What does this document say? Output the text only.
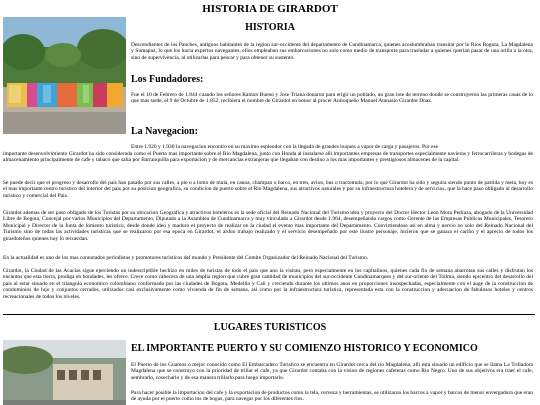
HISTORIA DE GIRARDOT
HISTORIA

Descendientes de los Panches, antiguos habitantes de la region sur-occidente del departamento de Cundinamarca, quienes acostumbraban transitar por lo Rios Bogota, La Magdalena y Sumapaz, lo que los hacia expertos navegantes, ellos empleaban sus embarcaciones no solo como medio de transporte para trasladar a quienes querian pasar de una orilla a la otra, sino de supervivencia, al utilizarlas para pescar y para obtener su sustento.

Los Fundadores:

Fue el 10 de Febrero de 1.844 cuando los señores Ramon Bueno y Jose Triana donaron para erigir un poblado, un gran lote de terreno donde se construyeron las primeras casas de lo que mas tarde, el 9 de Octubre de 1.852, recibiera el nombre de Girardot en honor al procer Antioqueño Manuel Atanasio Girardot Doaz.

La Navegacion:

Entre 1.920 y 1.930 la navegacion encontro en su maximo esplendor con la llegada de grandes buques a vapor de carga y pasajeros. Por ese

importante desenvolvimiento Girardot ha sido considerada como el Puerto mas importante sobre el Rio Magdalena, junto con Honda al instalarse alli importantes empresas de transportes especialmente navieras y ferrocarrileras y bodegas de almacenamiento principalmente de cafe y tabaco que salia por Barranquilla para exportacion y de mercancias extranjeras que llegaban con destino a los mas importantes y prestigiosos almacenes de la capital.

Se puede decir que el progreso y desarrollo del pais han pasado por sus calles, a pie o a lomo de mula, en canoa, champan o barco, en tren, avion, bus o tractomula, por lo que Girardot ha sido y seguira siendo punto de partida y meta, hoy es el mas importante centro turistico del interior del pais por su posicion geografica, su condicion de puerto sobre el Rio Magdalena, sus atractivos naturales y por su infraestructura hotelera y de servicios, que la hace paso obligado al desarrollo turistico y comercial del Pais.

Girardot ademas de ser paso obligado de los Turistas por su ubicacion Geografica y atractivos hoteleros es la sede oficial del Reinado Nacional del Turismo idea y proyecto del Doctor Hector Leon Mora Pedraza, abogado de la Universidad Libre de Bogota, Concejal por varios Municipios del Departamento, Diputado a la Asamblea de Cundinamarca y muy vinculado a Girardot desde 1.964, desempeñando cargos como Gerente de las Empresas Publicas Municipales, Tesorero Municipal y Director de la Junta de fomento turistico, desde donde ideo y maduro el proyecto de realizar en la ciudad el evento mas importante del Departamento. Convirtiendose asi en alma y nervio no solo del Reinado Nacional del Turismo sino de todas las actividades turisticas que se realizaron por esa epoca en Girardot, el arduo trabajo realizado y el servicio desempeñado por este ilustre personaje, hicieron que se ganara el cariño y el aprecio de todos los girardoteños quienes hoy lo recuerdan.

En la actualidad es uno de los mas connotados periodistas y promotores turisticos del mundo y Presidente del Comite Organizador del Reinado Nacional del Turismo.

Girardot, la Ciudad de las Acacias sigue ejerciendo un indescriptible hechizo en miles de turistas de todo el pais que ano la visitan, pero especialmente en los capitalinos, quienes cada fin de semana abarrotan sus calles y disfrutan los encantos que esta tierra, prodiga en bondades, les ofrece. Crece como cabecera de una amplia region que cubre gran cantidad de municipios del sur-occidente Cundinamarques y del sur-oriente del Tolima, siendo epicentro del desarrollo del pais al estar situado en el triangulo economico colombiano conformado por las ciudades de Bogota, Medellin y Cali y creciendo durante los ultimos anos en proporciones insospechadas, especialmente con el auge de la construccion de condominios de lujo y conjuntos cerrados, utilizados casi exclusivamente como vivienda de fin de semana, asi como por la infraestructura turistica, representada esta con la construccion y adecuacion de fabulosos hoteles y centros recreacionales de todos los niveles.

LUGARES TURISTICOS
EL IMPORTANTE PUERTO Y SU COMIENZO HISTORICO Y ECONOMICO

El Puerto de los Guamos o mejor conocido como El Embarcadero Turistico se encuentra en Girardot cerca del rio Magdalena, alli esta situado un edificio que se llama La Trilladora Magdalena que se construyo con la prioridad de trillar el cafe, ya que Girardot contaba con la vision de regiones cafeteras como Rio Negro. Uno de sus objetivos era traer el cafe, sembrarlo, cosecharlo y de esa manera trillarlo para luego importarlo.

Para hacer posible la importacion del cafe y la exportacion de productos como la tela, cerveza y herramientas, se utilizaron los barcos a vapor y barcos de menor envergadura que eran de ayuda por el puerto como los de bogas, para navegar por los diferentes rios.
